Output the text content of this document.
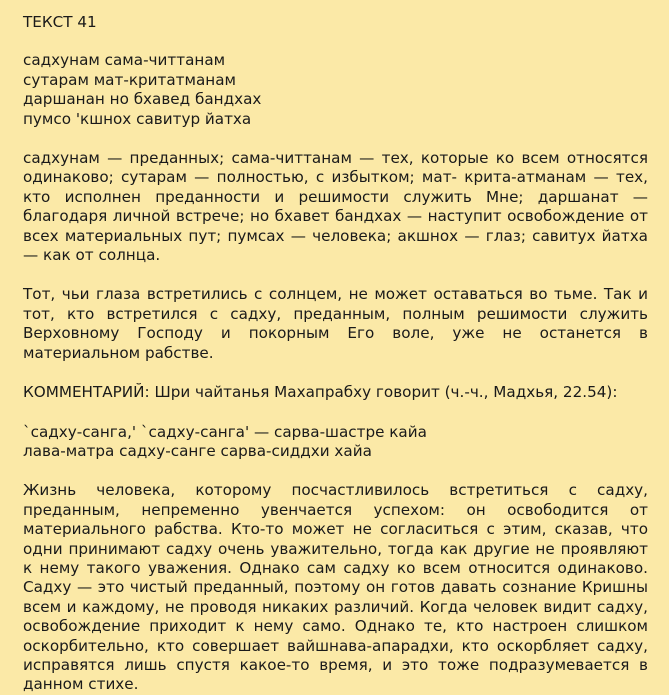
ТЕКСТ 41
садхунам сама-читтанам
сутарам мат-критатманам
даршанан но бхавед бандхах
пумсо 'кшнох савитур йатха
садхунам — преданных; сама-читтанам — тех, которые ко всем относятся одинаково; сутарам — полностью, с избытком; мат- крита-атманам — тех, кто исполнен преданности и решимости служить Мне; даршанат — благодаря личной встрече; но бхавет бандхах — наступит освобождение от всех материальных пут; пумсах — человека; акшнох — глаз; савитух йатха — как от солнца.
Тот, чьи глаза встретились с солнцем, не может оставаться во тьме. Так и тот, кто встретился с садху, преданным, полным решимости служить Верховному Господу и покорным Его воле, уже не останется в материальном рабстве.
КОММЕНТАРИЙ: Шри чайтанья Махапрабху говорит (ч.-ч., Мадхья, 22.54):
`садху-санга,' `садху-санга' — сарва-шастре кайа
лава-матра садху-санге сарва-сиддхи хайа
Жизнь человека, которому посчастливилось встретиться с садху, преданным, непременно увенчается успехом: он освободится от материального рабства. Кто-то может не согласиться с этим, сказав, что одни принимают садху очень уважительно, тогда как другие не проявляют к нему такого уважения. Однако сам садху ко всем относится одинаково. Садху — это чистый преданный, поэтому он готов давать сознание Кришны всем и каждому, не проводя никаких различий. Когда человек видит садху, освобождение приходит к нему само. Однако те, кто настроен слишком оскорбительно, кто совершает вайшнава-апарадхи, кто оскорбляет садху, исправятся лишь спустя какое-то время, и это тоже подразумевается в данном стихе.
